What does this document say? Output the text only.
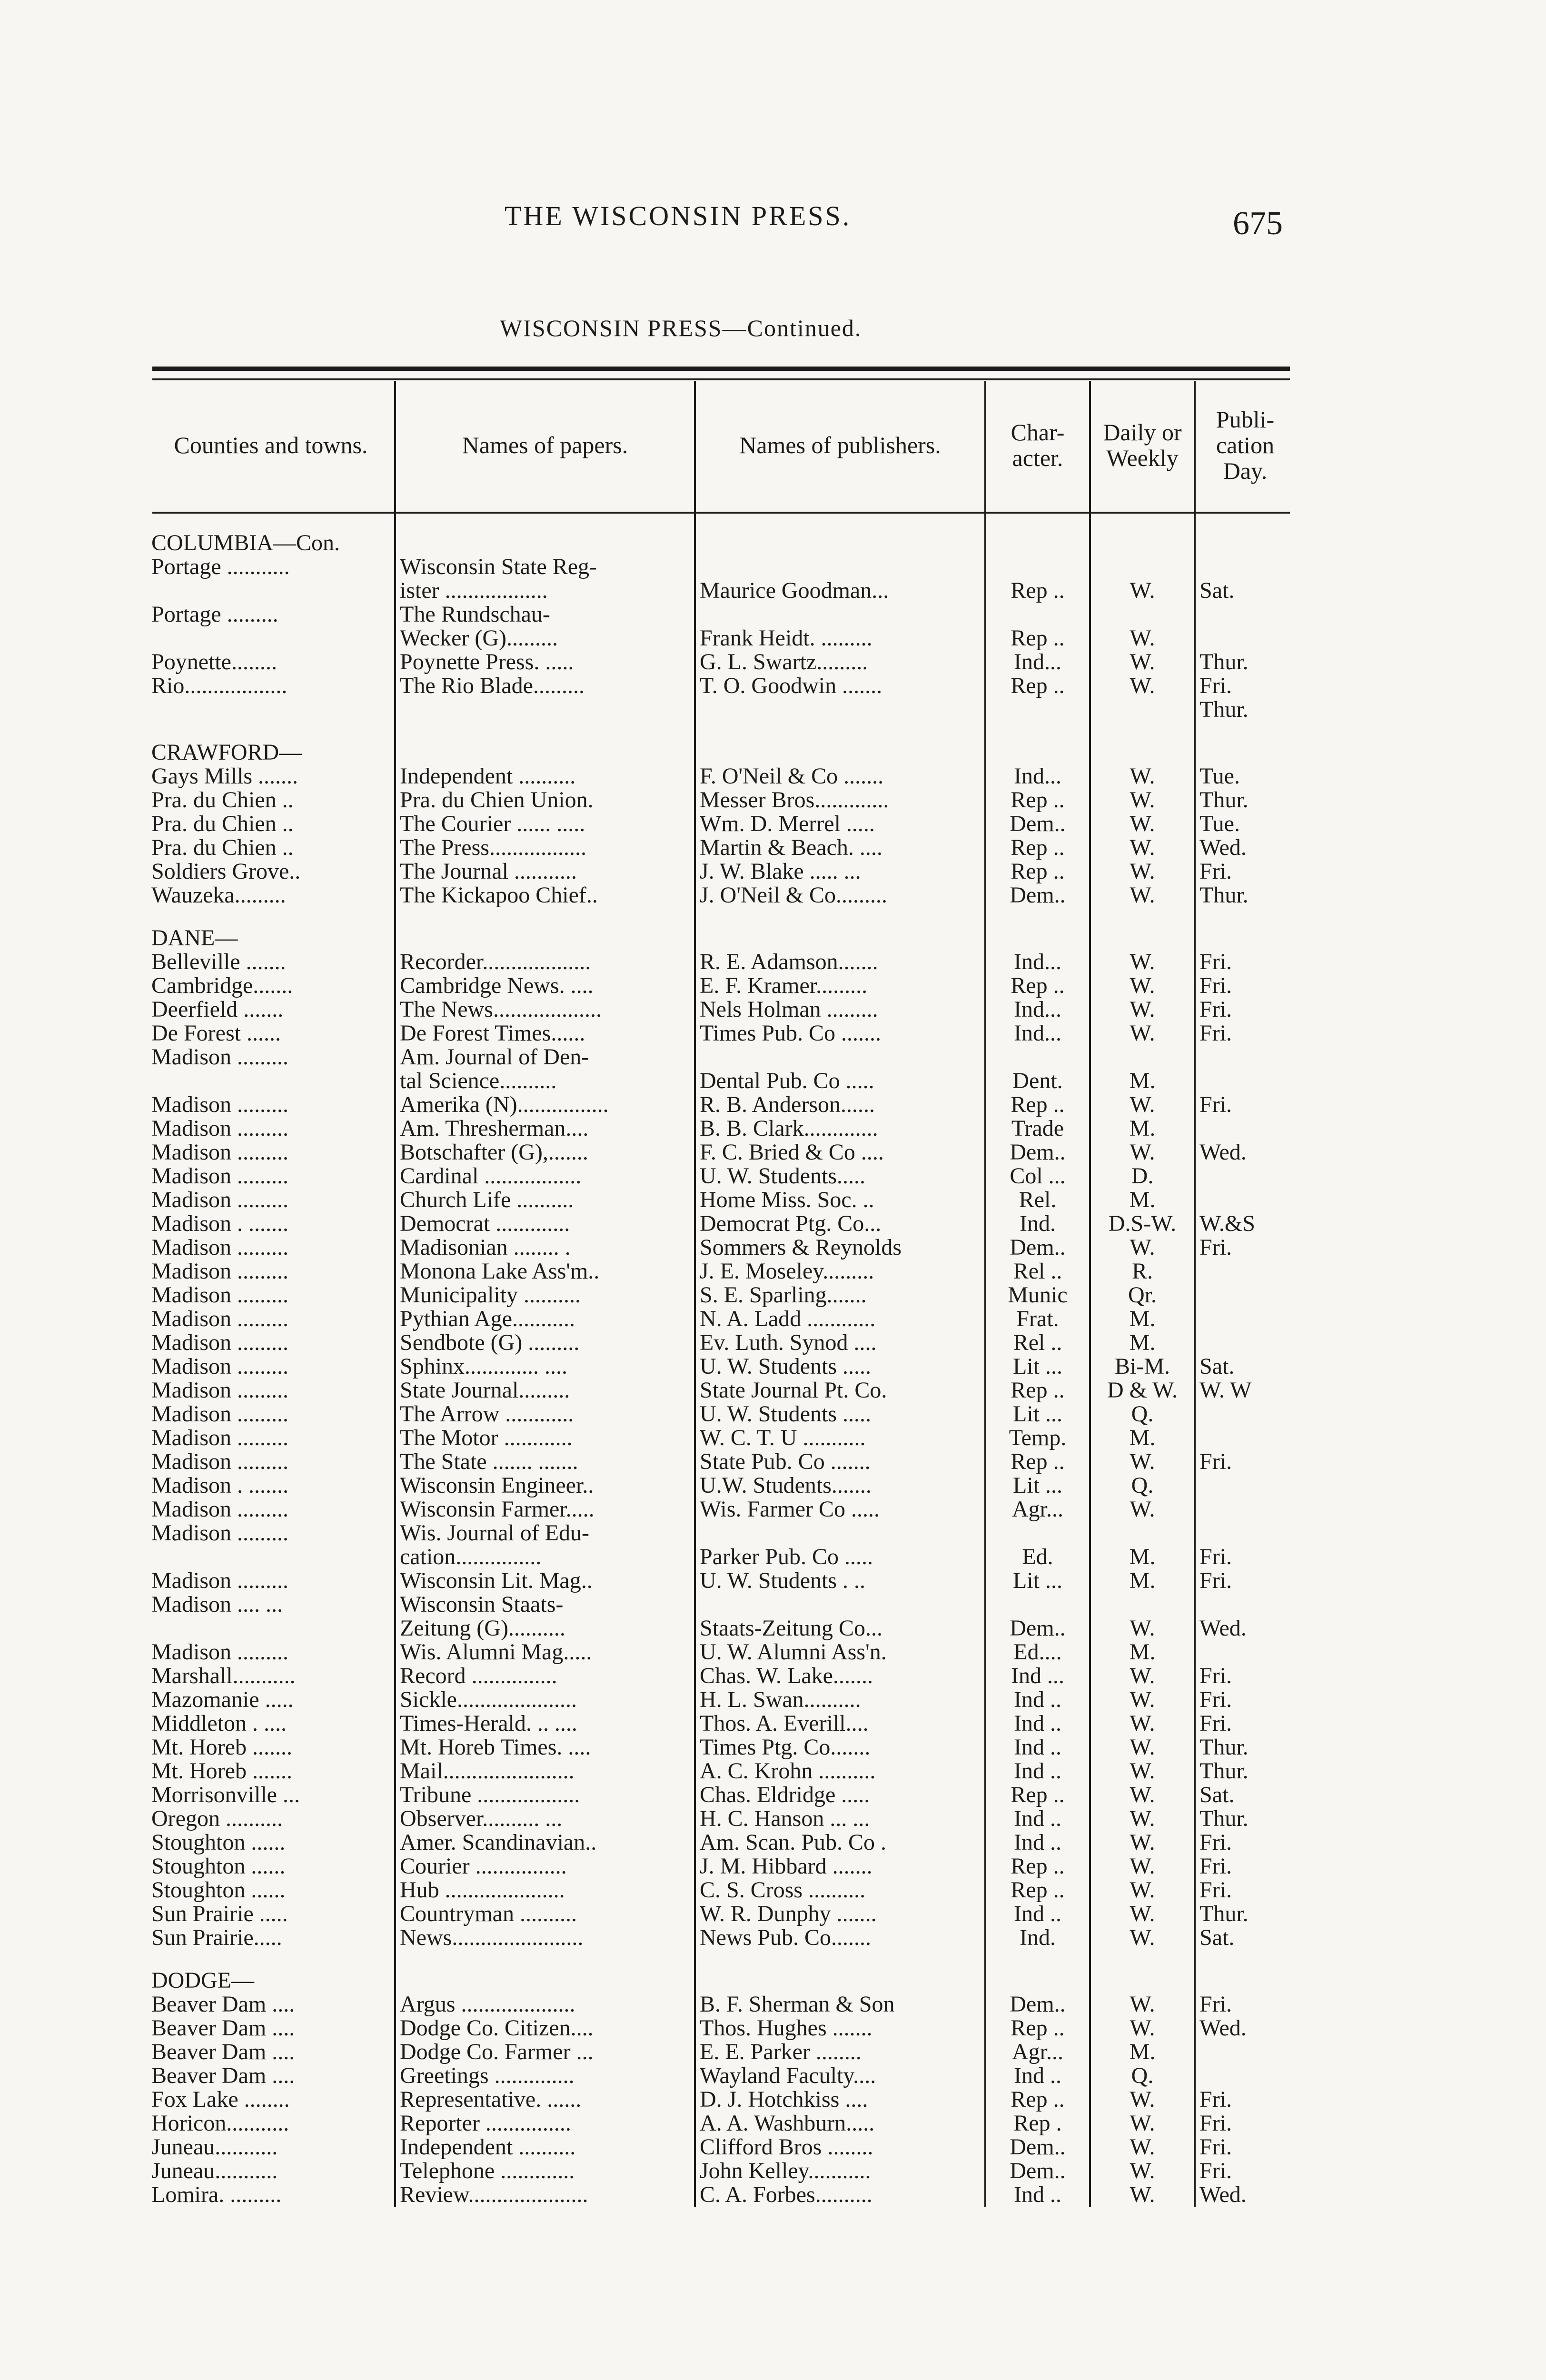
THE WISCONSIN PRESS.	675
WISCONSIN PRESS—Continued.
Counties and towns.	Names of papers.	Names of publishers.	Char- acter.	Daily or Weekly	Publi- cation Day.

COLUMBIA—Con.					
Portage ...........	Wisconsin State Reg-				
	ister ..................	Maurice Goodman...	Rep ..	W.	Sat.
Portage .........	The Rundschau-				
	Wecker (G).........	Frank Heidt. .........	Rep ..	W.	
Poynette........	Poynette Press. .....	G. L. Swartz.........	Ind...	W.	Thur.
Rio..................	The Rio Blade.........	T. O. Goodwin .......	Rep ..	W.	Fri.
					Thur.

CRAWFORD—					
Gays Mills .......	Independent ..........	F. O'Neil & Co .......	Ind...	W.	Tue.
Pra. du Chien ..	Pra. du Chien Union.	Messer Bros.............	Rep ..	W.	Thur.
Pra. du Chien ..	The Courier ...... .....	Wm. D. Merrel .....	Dem..	W.	Tue.
Pra. du Chien ..	The Press.................	Martin & Beach. ....	Rep ..	W.	Wed.
Soldiers Grove..	The Journal ...........	J. W. Blake ..... ...	Rep ..	W.	Fri.
Wauzeka.........	The Kickapoo Chief..	J. O'Neil & Co.........	Dem..	W.	Thur.

DANE—					
Belleville .......	Recorder...................	R. E. Adamson.......	Ind...	W.	Fri.
Cambridge.......	Cambridge News. ....	E. F. Kramer.........	Rep ..	W.	Fri.
Deerfield .......	The News...................	Nels Holman .........	Ind...	W.	Fri.
De Forest ......	De Forest Times......	Times Pub. Co .......	Ind...	W.	Fri.
Madison .........	Am. Journal of Den-				
	tal Science..........	Dental Pub. Co .....	Dent.	M.	
Madison .........	Amerika (N)................	R. B. Anderson......	Rep ..	W.	Fri.
Madison .........	Am. Thresherman....	B. B. Clark.............	Trade	M.	
Madison .........	Botschafter (G),.......	F. C. Bried & Co ....	Dem..	W.	Wed.
Madison .........	Cardinal .................	U. W. Students.....	Col ...	D.	
Madison .........	Church Life ..........	Home Miss. Soc. ..	Rel.	M.	
Madison . .......	Democrat .............	Democrat Ptg. Co...	Ind.	D.S-W.	W.&S
Madison .........	Madisonian ........ .	Sommers & Reynolds	Dem..	W.	Fri.
Madison .........	Monona Lake Ass'm..	J. E. Moseley.........	Rel ..	R.	
Madison .........	Municipality ..........	S. E. Sparling.......	Munic	Qr.	
Madison .........	Pythian Age...........	N. A. Ladd ............	Frat.	M.	
Madison .........	Sendbote (G) .........	Ev. Luth. Synod ....	Rel ..	M.	
Madison .........	Sphinx............. ....	U. W. Students .....	Lit ...	Bi-M.	Sat.
Madison .........	State Journal.........	State Journal Pt. Co.	Rep ..	D & W.	W. W
Madison .........	The Arrow ............	U. W. Students .....	Lit ...	Q.	
Madison .........	The Motor ............	W. C. T. U ...........	Temp.	M.	
Madison .........	The State ....... .......	State Pub. Co .......	Rep ..	W.	Fri.
Madison . .......	Wisconsin Engineer..	U.W. Students.......	Lit ...	Q.	
Madison .........	Wisconsin Farmer.....	Wis. Farmer Co .....	Agr...	W.	
Madison .........	Wis. Journal of Edu-				
	cation...............	Parker Pub. Co .....	Ed.	M.	Fri.
Madison .........	Wisconsin Lit. Mag..	U. W. Students . ..	Lit ...	M.	Fri.
Madison .... ...	Wisconsin Staats-				
	Zeitung (G)..........	Staats-Zeitung Co...	Dem..	W.	Wed.
Madison .........	Wis. Alumni Mag.....	U. W. Alumni Ass'n.	Ed....	M.	
Marshall...........	Record ...............	Chas. W. Lake.......	Ind ...	W.	Fri.
Mazomanie .....	Sickle.....................	H. L. Swan..........	Ind ..	W.	Fri.
Middleton . ....	Times-Herald. .. ....	Thos. A. Everill....	Ind ..	W.	Fri.
Mt. Horeb .......	Mt. Horeb Times. ....	Times Ptg. Co.......	Ind ..	W.	Thur.
Mt. Horeb .......	Mail.......................	A. C. Krohn ..........	Ind ..	W.	Thur.
Morrisonville ...	Tribune ..................	Chas. Eldridge .....	Rep ..	W.	Sat.
Oregon ..........	Observer.......... ...	H. C. Hanson ... ...	Ind ..	W.	Thur.
Stoughton ......	Amer. Scandinavian..	Am. Scan. Pub. Co .	Ind ..	W.	Fri.
Stoughton ......	Courier ................	J. M. Hibbard .......	Rep ..	W.	Fri.
Stoughton ......	Hub .....................	C. S. Cross ..........	Rep ..	W.	Fri.
Sun Prairie .....	Countryman ..........	W. R. Dunphy .......	Ind ..	W.	Thur.
Sun Prairie.....	News.......................	News Pub. Co.......	Ind.	W.	Sat.

DODGE—					
Beaver Dam ....	Argus ....................	B. F. Sherman & Son	Dem..	W.	Fri.
Beaver Dam ....	Dodge Co. Citizen....	Thos. Hughes .......	Rep ..	W.	Wed.
Beaver Dam ....	Dodge Co. Farmer ...	E. E. Parker ........	Agr...	M.	
Beaver Dam ....	Greetings ..............	Wayland Faculty....	Ind ..	Q.	
Fox Lake ........	Representative. ......	D. J. Hotchkiss ....	Rep ..	W.	Fri.
Horicon...........	Reporter ...............	A. A. Washburn.....	Rep .	W.	Fri.
Juneau...........	Independent ..........	Clifford Bros ........	Dem..	W.	Fri.
Juneau...........	Telephone .............	John Kelley...........	Dem..	W.	Fri.
Lomira. .........	Review.....................	C. A. Forbes..........	Ind ..	W.	Wed.
